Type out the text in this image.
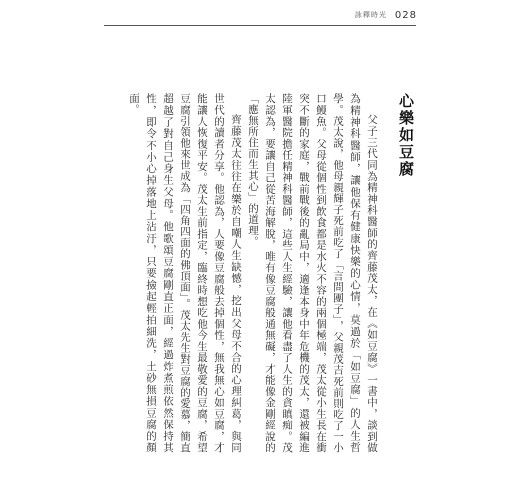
詠釋時光 028
心樂如豆腐

父子三代同為精神科醫師的齊藤茂太，在《如豆腐》一書中，談到做為精神科醫師，讓他保有健康快樂的心情，莫過於「如豆腐」的人生哲學。茂太說，他母親輝子死前吃了「言問團子」，父親茂吉死前則吃了一小口鰻魚。父母從個性到飲食都是水火不容的兩個極端，茂太從小生長在衝突不斷的家庭，戰前戰後的亂局中，適逢本身中年危機的茂太，還被編進陸軍醫院擔任精神科醫師，這些人生經驗，讓他看盡了人生的貪瞋痴。茂太認為，要讓自己從苦海解脫，唯有像豆腐般通無礙，才能像金剛經說的「應無所住而生其心」的道理。

齊藤茂太往往在樂於自嘲人生缺憾，挖出父母不合的心理糾葛，與同世代的讀者分享。他認為，人要像豆腐般去掉個性，無我無心如豆腐，才能讓人恢復平安。茂太生前指定，臨終時想吃他今生最敬愛的豆腐，希望豆腐引領他來世成為「四角四面的佛頂面」。茂太先生對豆腐的愛慕，簡直超越了對自己身生父母。他歌頌豆腐剛直正面，經過炸煮煎依然保持其性，即令不小心掉落地上沾汙，只要撿起輕拍細洗，土砂無損豆腐的顏面。
